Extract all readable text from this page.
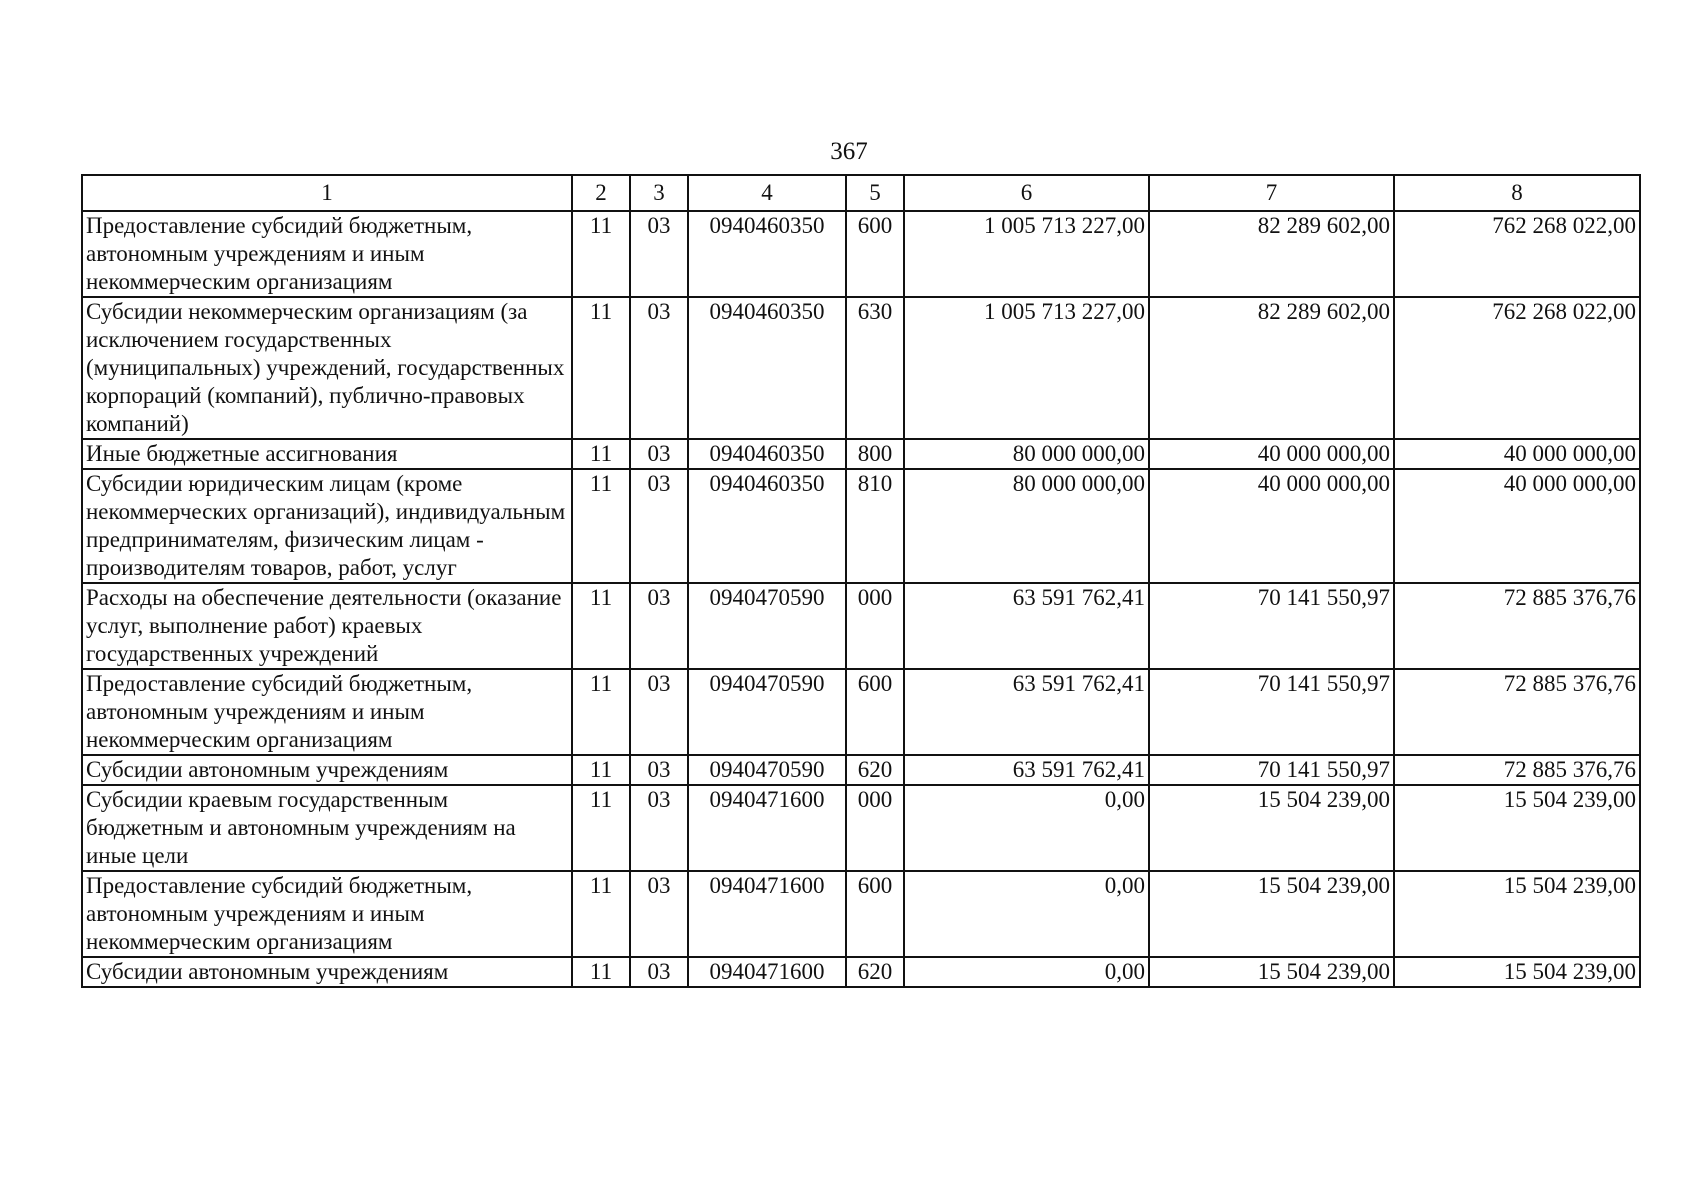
367
1	2	3	4	5	6	7	8
Предоставление субсидий бюджетным, автономным учреждениям и иным некоммерческим организациям	11	03	0940460350	600	1 005 713 227,00	82 289 602,00	762 268 022,00
Субсидии некоммерческим организациям (за исключением государственных (муниципальных) учреждений, государственных корпораций (компаний), публично-правовых компаний)	11	03	0940460350	630	1 005 713 227,00	82 289 602,00	762 268 022,00
Иные бюджетные ассигнования	11	03	0940460350	800	80 000 000,00	40 000 000,00	40 000 000,00
Субсидии юридическим лицам (кроме некоммерческих организаций), индивидуальным предпринимателям, физическим лицам - производителям товаров, работ, услуг	11	03	0940460350	810	80 000 000,00	40 000 000,00	40 000 000,00
Расходы на обеспечение деятельности (оказание услуг, выполнение работ) краевых государственных учреждений	11	03	0940470590	000	63 591 762,41	70 141 550,97	72 885 376,76
Предоставление субсидий бюджетным, автономным учреждениям и иным некоммерческим организациям	11	03	0940470590	600	63 591 762,41	70 141 550,97	72 885 376,76
Субсидии автономным учреждениям	11	03	0940470590	620	63 591 762,41	70 141 550,97	72 885 376,76
Субсидии краевым государственным бюджетным и автономным учреждениям на иные цели	11	03	0940471600	000	0,00	15 504 239,00	15 504 239,00
Предоставление субсидий бюджетным, автономным учреждениям и иным некоммерческим организациям	11	03	0940471600	600	0,00	15 504 239,00	15 504 239,00
Субсидии автономным учреждениям	11	03	0940471600	620	0,00	15 504 239,00	15 504 239,00
